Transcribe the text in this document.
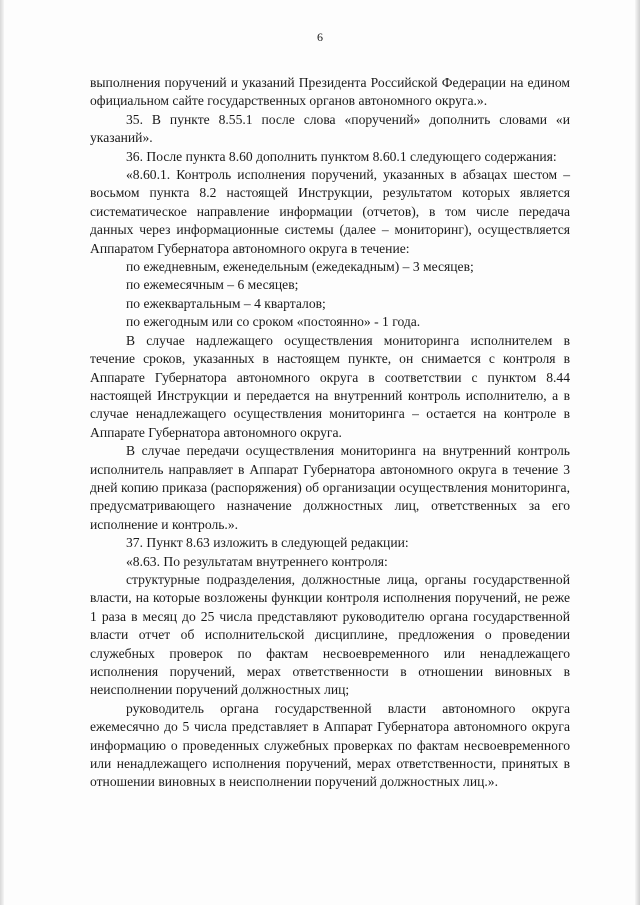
6

выполнения поручений и указаний Президента Российской Федерации на едином официальном сайте государственных органов автономного округа.».

35. В пункте 8.55.1 после слова «поручений» дополнить словами «и указаний».

36. После пункта 8.60 дополнить пунктом 8.60.1 следующего содержания:

«8.60.1. Контроль исполнения поручений, указанных в абзацах шестом – восьмом пункта 8.2 настоящей Инструкции, результатом которых является систематическое направление информации (отчетов), в том числе передача данных через информационные системы (далее – мониторинг), осуществляется Аппаратом Губернатора автономного округа в течение:

по ежедневным, еженедельным (ежедекадным) – 3 месяцев;

по ежемесячным – 6 месяцев;

по ежеквартальным – 4 кварталов;

по ежегодным или со сроком «постоянно» - 1 года.

В случае надлежащего осуществления мониторинга исполнителем в течение сроков, указанных в настоящем пункте, он снимается с контроля в Аппарате Губернатора автономного округа в соответствии с пунктом 8.44 настоящей Инструкции и передается на внутренний контроль исполнителю, а в случае ненадлежащего осуществления мониторинга – остается на контроле в Аппарате Губернатора автономного округа.

В случае передачи осуществления мониторинга на внутренний контроль исполнитель направляет в Аппарат Губернатора автономного округа в течение 3 дней копию приказа (распоряжения) об организации осуществления мониторинга, предусматривающего назначение должностных лиц, ответственных за его исполнение и контроль.».

37. Пункт 8.63 изложить в следующей редакции:

«8.63. По результатам внутреннего контроля:

структурные подразделения, должностные лица, органы государственной власти, на которые возложены функции контроля исполнения поручений, не реже 1 раза в месяц до 25 числа представляют руководителю органа государственной власти отчет об исполнительской дисциплине, предложения о проведении служебных проверок по фактам несвоевременного или ненадлежащего исполнения поручений, мерах ответственности в отношении виновных в неисполнении поручений должностных лиц;

руководитель органа государственной власти автономного округа ежемесячно до 5 числа представляет в Аппарат Губернатора автономного округа информацию о проведенных служебных проверках по фактам несвоевременного или ненадлежащего исполнения поручений, мерах ответственности, принятых в отношении виновных в неисполнении поручений должностных лиц.».
